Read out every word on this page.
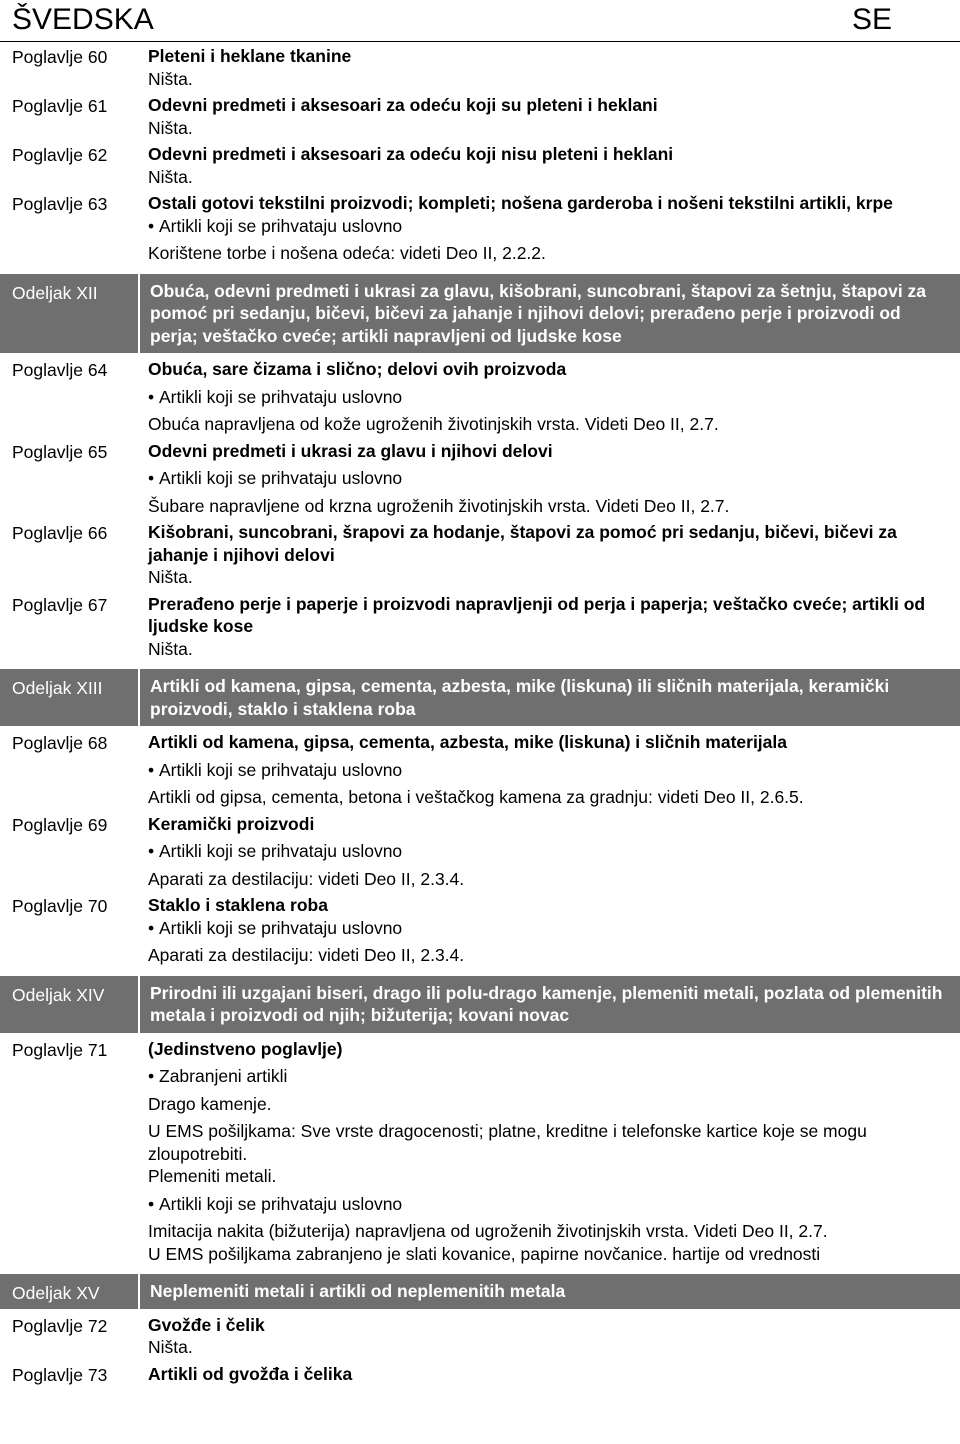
ŠVEDSKA	SE
Poglavlje 60	Pleteni i heklane tkanine
Ništa.
Poglavlje 61	Odevni predmeti i aksesoari za odeću koji su pleteni i heklani
Ništa.
Poglavlje 62	Odevni predmeti i aksesoari za odeću koji nisu pleteni i heklani
Ništa.
Poglavlje 63	Ostali gotovi tekstilni proizvodi; kompleti; nošena garderoba i nošeni tekstilni artikli, krpe
• Artikli koji se prihvataju uslovno
Korištene torbe i nošena odeća: videti Deo II, 2.2.2.
Odeljak XII	Obuća, odevni predmeti i ukrasi za glavu, kišobrani, suncobrani, štapovi za šetnju, štapovi za pomoć pri sedanju, bičevi, bičevi za jahanje i njihovi delovi; prerađeno perje i proizvodi od perja; veštačko cveće; artikli napravljeni od ljudske kose
Poglavlje 64	Obuća, sare čizama i slično; delovi ovih proizvoda
• Artikli koji se prihvataju uslovno
Obuća napravljena od kože ugroženih životinjskih vrsta. Videti Deo II, 2.7.
Poglavlje 65	Odevni predmeti i ukrasi za glavu i njihovi delovi
• Artikli koji se prihvataju uslovno
Šubare napravljene od krzna ugroženih životinjskih vrsta. Videti Deo II, 2.7.
Poglavlje 66	Kišobrani, suncobrani, šrapovi za hodanje, štapovi za pomoć pri sedanju, bičevi, bičevi za jahanje i njihovi delovi
Ništa.
Poglavlje 67	Prerađeno perje i paperje i proizvodi napravljenji od perja i paperja; veštačko cveće; artikli od ljudske kose
Ništa.
Odeljak XIII	Artikli od kamena, gipsa, cementa, azbesta, mike (liskuna) ili sličnih materijala, keramički proizvodi, staklo i staklena roba
Poglavlje 68	Artikli od kamena, gipsa, cementa, azbesta, mike (liskuna) i sličnih materijala
• Artikli koji se prihvataju uslovno
Artikli od gipsa, cementa, betona i veštačkog kamena za gradnju: videti Deo II, 2.6.5.
Poglavlje 69	Keramički proizvodi
• Artikli koji se prihvataju uslovno
Aparati za destilaciju: videti Deo II, 2.3.4.
Poglavlje 70	Staklo i staklena roba
• Artikli koji se prihvataju uslovno
Aparati za destilaciju: videti Deo II, 2.3.4.
Odeljak XIV	Prirodni ili uzgajani biseri, drago ili polu-drago kamenje, plemeniti metali, pozlata od plemenitih metala i proizvodi od njih; bižuterija; kovani novac
Poglavlje 71	(Jedinstveno poglavlje)
• Zabranjeni artikli
Drago kamenje.
U EMS pošiljkama: Sve vrste dragocenosti; platne, kreditne i telefonske kartice koje se mogu zloupotrebiti.
Plemeniti metali.
• Artikli koji se prihvataju uslovno
Imitacija nakita (bižuterija) napravljena od ugroženih životinjskih vrsta. Videti Deo II, 2.7.
U EMS pošiljkama zabranjeno je slati kovanice, papirne novčanice. hartije od vrednosti
Odeljak XV	Neplemeniti metali i artikli od neplemenitih metala
Poglavlje 72	Gvožđe i čelik
Ništa.
Poglavlje 73	Artikli od gvožđa i čelika
